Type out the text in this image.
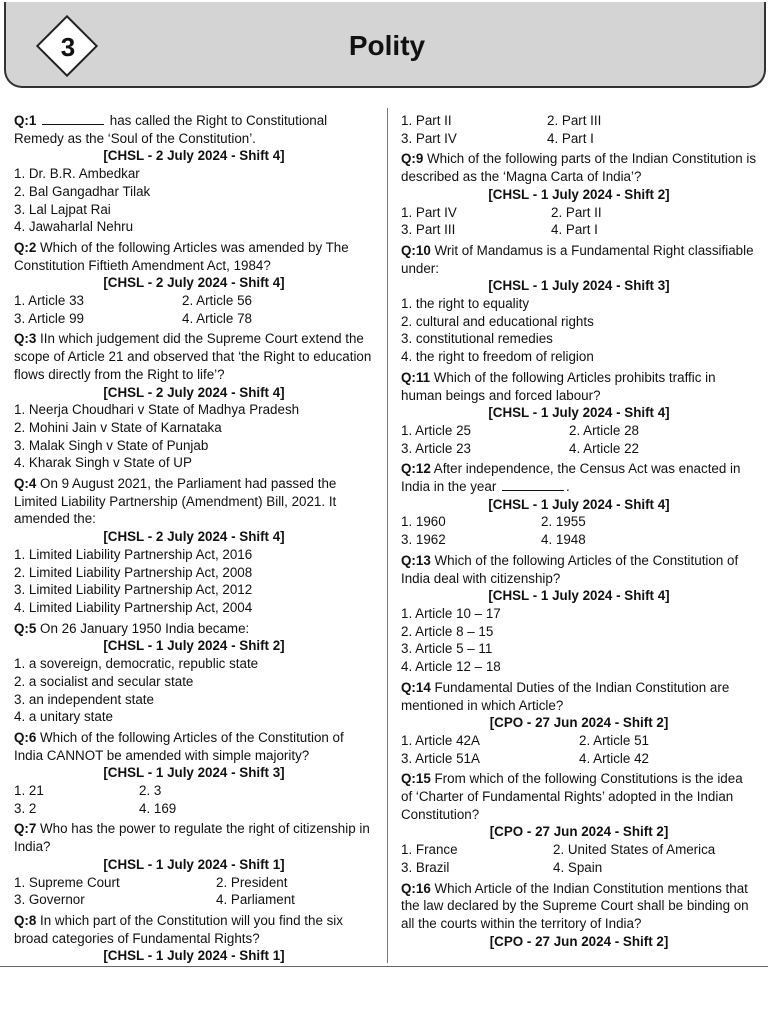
3	Polity
Q:1	has called the Right to Constitutional Remedy as the ‘Soul of the Constitution’.
[CHSL - 2 July 2024 - Shift 4]
1. Dr. B.R. Ambedkar
2. Bal Gangadhar Tilak
3. Lal Lajpat Rai
4. Jawaharlal Nehru
Q:2 Which of the following Articles was amended by The Constitution Fiftieth Amendment Act, 1984?
[CHSL - 2 July 2024 - Shift 4]
1. Article 33	2. Article 56
3. Article 99	4. Article 78
Q:3 IIn which judgement did the Supreme Court extend the scope of Article 21 and observed that ‘the Right to education flows directly from the Right to life’?
[CHSL - 2 July 2024 - Shift 4]
1. Neerja Choudhari v State of Madhya Pradesh
2. Mohini Jain v State of Karnataka
3. Malak Singh v State of Punjab
4. Kharak Singh v State of UP
Q:4 On 9 August 2021, the Parliament had passed the Limited Liability Partnership (Amendment) Bill, 2021. It amended the:
[CHSL - 2 July 2024 - Shift 4]
1. Limited Liability Partnership Act, 2016
2. Limited Liability Partnership Act, 2008
3. Limited Liability Partnership Act, 2012
4. Limited Liability Partnership Act, 2004
Q:5 On 26 January 1950 India became:
[CHSL - 1 July 2024 - Shift 2]
1. a sovereign, democratic, republic state
2. a socialist and secular state
3. an independent state
4. a unitary state
Q:6 Which of the following Articles of the Constitution of India CANNOT be amended with simple majority?
[CHSL - 1 July 2024 - Shift 3]
1. 21	2. 3
3. 2	4. 169
Q:7 Who has the power to regulate the right of citizenship in India?
[CHSL - 1 July 2024 - Shift 1]
1. Supreme Court	2. President
3. Governor	4. Parliament
Q:8 In which part of the Constitution will you find the six broad categories of Fundamental Rights?
[CHSL - 1 July 2024 - Shift 1]
1. Part II	2. Part III
3. Part IV	4. Part I
Q:9 Which of the following parts of the Indian Constitution is described as the ‘Magna Carta of India’?
[CHSL - 1 July 2024 - Shift 2]
1. Part IV	2. Part II
3. Part III	4. Part I
Q:10 Writ of Mandamus is a Fundamental Right classifiable under:
[CHSL - 1 July 2024 - Shift 3]
1. the right to equality
2. cultural and educational rights
3. constitutional remedies
4. the right to freedom of religion
Q:11 Which of the following Articles prohibits traffic in human beings and forced labour?
[CHSL - 1 July 2024 - Shift 4]
1. Article 25	2. Article 28
3. Article 23	4. Article 22
Q:12 After independence, the Census Act was enacted in India in the year	.
[CHSL - 1 July 2024 - Shift 4]
1. 1960	2. 1955
3. 1962	4. 1948
Q:13 Which of the following Articles of the Constitution of India deal with citizenship?
[CHSL - 1 July 2024 - Shift 4]
1. Article 10 – 17
2. Article 8 – 15
3. Article 5 – 11
4. Article 12 – 18
Q:14 Fundamental Duties of the Indian Constitution are mentioned in which Article?
[CPO - 27 Jun 2024 - Shift 2]
1. Article 42A	2. Article 51
3. Article 51A	4. Article 42
Q:15 From which of the following Constitutions is the idea of ‘Charter of Fundamental Rights’ adopted in the Indian Constitution?
[CPO - 27 Jun 2024 - Shift 2]
1. France	2. United States of America
3. Brazil	4. Spain
Q:16 Which Article of the Indian Constitution mentions that the law declared by the Supreme Court shall be binding on all the courts within the territory of India?
[CPO - 27 Jun 2024 - Shift 2]
